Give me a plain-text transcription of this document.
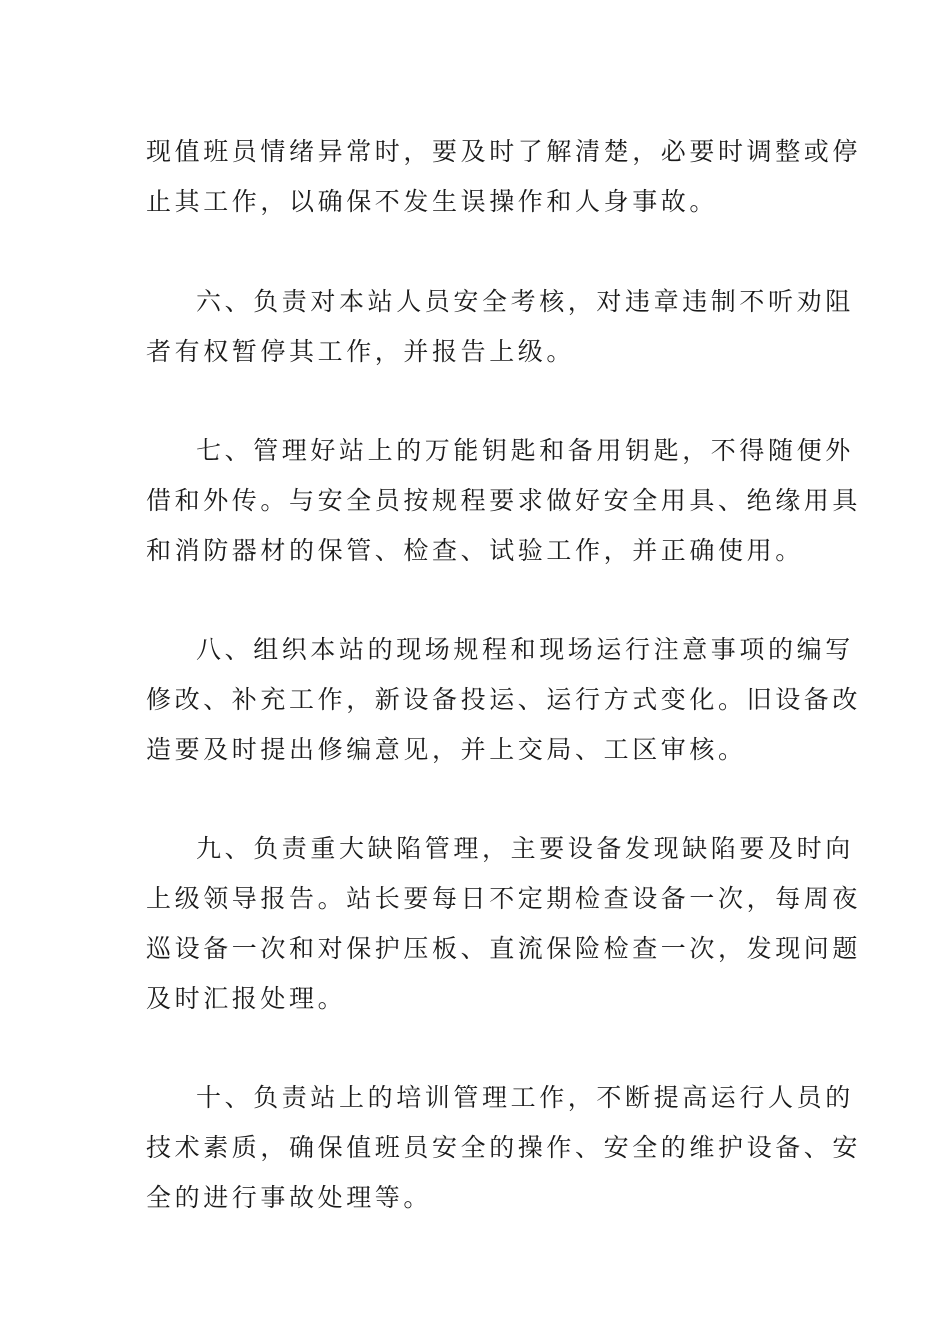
现值班员情绪异常时，要及时了解清楚，必要时调整或停
止其工作，以确保不发生误操作和人身事故。
六、负责对本站人员安全考核，对违章违制不听劝阻
者有权暂停其工作，并报告上级。
七、管理好站上的万能钥匙和备用钥匙，不得随便外
借和外传。与安全员按规程要求做好安全用具、绝缘用具
和消防器材的保管、检查、试验工作，并正确使用。
八、组织本站的现场规程和现场运行注意事项的编写
修改、补充工作，新设备投运、运行方式变化。旧设备改
造要及时提出修编意见，并上交局、工区审核。
九、负责重大缺陷管理，主要设备发现缺陷要及时向
上级领导报告。站长要每日不定期检查设备一次，每周夜
巡设备一次和对保护压板、直流保险检查一次，发现问题
及时汇报处理。
十、负责站上的培训管理工作，不断提高运行人员的
技术素质，确保值班员安全的操作、安全的维护设备、安
全的进行事故处理等。
